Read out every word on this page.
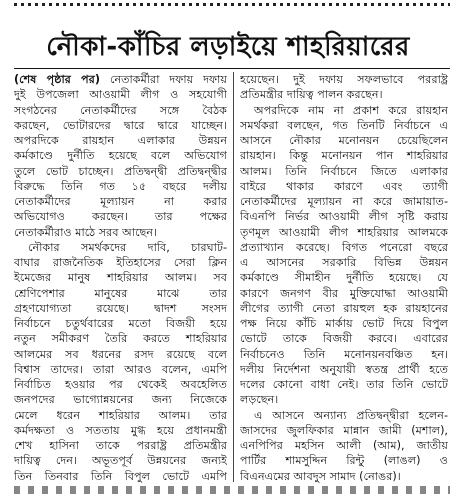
নৌকা-কাঁচির লড়াইয়ে শাহরিয়ারের
(শেষ পৃষ্ঠার পর) নেতাকর্মীরা দফায় দফায়
দুই উপজেলা আওয়ামী লীগ ও সহযোগী
সংগঠনের নেতাকর্মীদের সঙ্গে বৈঠক
করছেন, ভোটারদের দ্বারে দ্বারে যাচ্ছেন।
অপরদিকে রায়হান এলাকার উন্নয়ন
কর্মকাণ্ডে দুর্নীতি হয়েছে বলে অভিযোগ
তুলে ভোট চাচ্ছেন। প্রতিদ্বন্দ্বী প্রতিদ্বন্দ্বীর
বিরুদ্ধে তিনি গত ১৫ বছরে দলীয়
নেতাকর্মীদের মূল্যায়ন না করার
অভিযোগও করছেন। তার পক্ষের
নেতাকর্মীরাও মাঠে সরব আছেন।
নৌকার সমর্থকদের দাবি, চারঘাট-
বাঘার রাজনৈতিক ইতিহাসের সেরা ক্লিন
ইমেজের মানুষ শাহরিয়ার আলম। সব
শ্রেণিপেশার মানুষের মাঝে তার
গ্রহণযোগ্যতা রয়েছে। দ্বাদশ সংসদ
নির্বাচনে চতুর্থবারের মতো বিজয়ী হয়ে
নতুন সমীকরণ তৈরি করতে শাহরিয়ার
আলমের সব ধরনের রসদ রয়েছে বলে
বিশ্বাস তাদের। তারা আরও বলেন, এমপি
নির্বাচিত হওয়ার পর থেকেই অবহেলিত
জনপদের ভাগ্যোন্নয়নের জন্য নিজেকে
মেলে ধরেন শাহরিয়ার আলম। তার
কর্মদক্ষতা ও সততায় মুগ্ধ হয়ে প্রধানমন্ত্রী
শেখ হাসিনা তাকে পররাষ্ট্র প্রতিমন্ত্রীর
দায়িত্ব দেন। অভূতপূর্ব উন্নয়নের জন্যই
তিন তিনবার তিনি বিপুল ভোটে এমপি
হয়েছেন। দুই দফায় সফলভাবে পররাষ্ট্র
প্রতিমন্ত্রীর দায়িত্ব পালন করছেন।
অপরদিকে নাম না প্রকাশ করে রায়হান
সমর্থকরা বলছেন, গত তিনটি নির্বাচনে এ
আসনে নৌকার মনোনয়ন চেয়েছিলেন
রায়হান। কিন্তু মনোনয়ন পান শাহরিয়ার
আলম। তিনি নির্বাচনে জিতে এলাকার
বাইরে থাকার কারণে এবং ত্যাগী
নেতাকর্মীদের মূল্যায়ন না করে জামায়াত-
বিএনপি নির্ভর আওয়ামী লীগ সৃষ্টি করায়
তৃণমূল আওয়ামী লীগ শাহরিয়ার আলমকে
প্রত্যাখ্যান করেছে। বিগত পনেরো বছরে
এ আসনের সরকারি বিভিন্ন উন্নয়ন
কর্মকাণ্ডে সীমাহীন দুর্নীতি হয়েছে। যে
কারণে জনগণ বীর মুক্তিযোদ্ধা আওয়ামী
লীগের ত্যাগী নেতা রায়হুল হক রায়হানের
পক্ষ নিয়ে কাঁচি মার্কায় ভোট দিয়ে বিপুল
ভোটে তাকে বিজয়ী করবে। এবারের
নির্বাচনেও তিনি মনোনয়নবঞ্চিত হন।
দলীয় নির্দেশনা অনুযায়ী স্বতন্ত্র প্রার্থী হতে
দলের কোনো বাধা নেই। তার তিনি ভোটে
লড়ছেন।
এ আসনে অন্যান্য প্রতিদ্বন্দ্বীরা হলেন-
জাসদের জুলফিকার মান্নান জামী (মশাল),
এনপিপির মহসিন আলী (আম), জাতীয়
পার্টির শামসুদ্দিন রিন্টু (লাঙল) ও
বিএনএমের আবদুস সামাদ (নোঙর)।
